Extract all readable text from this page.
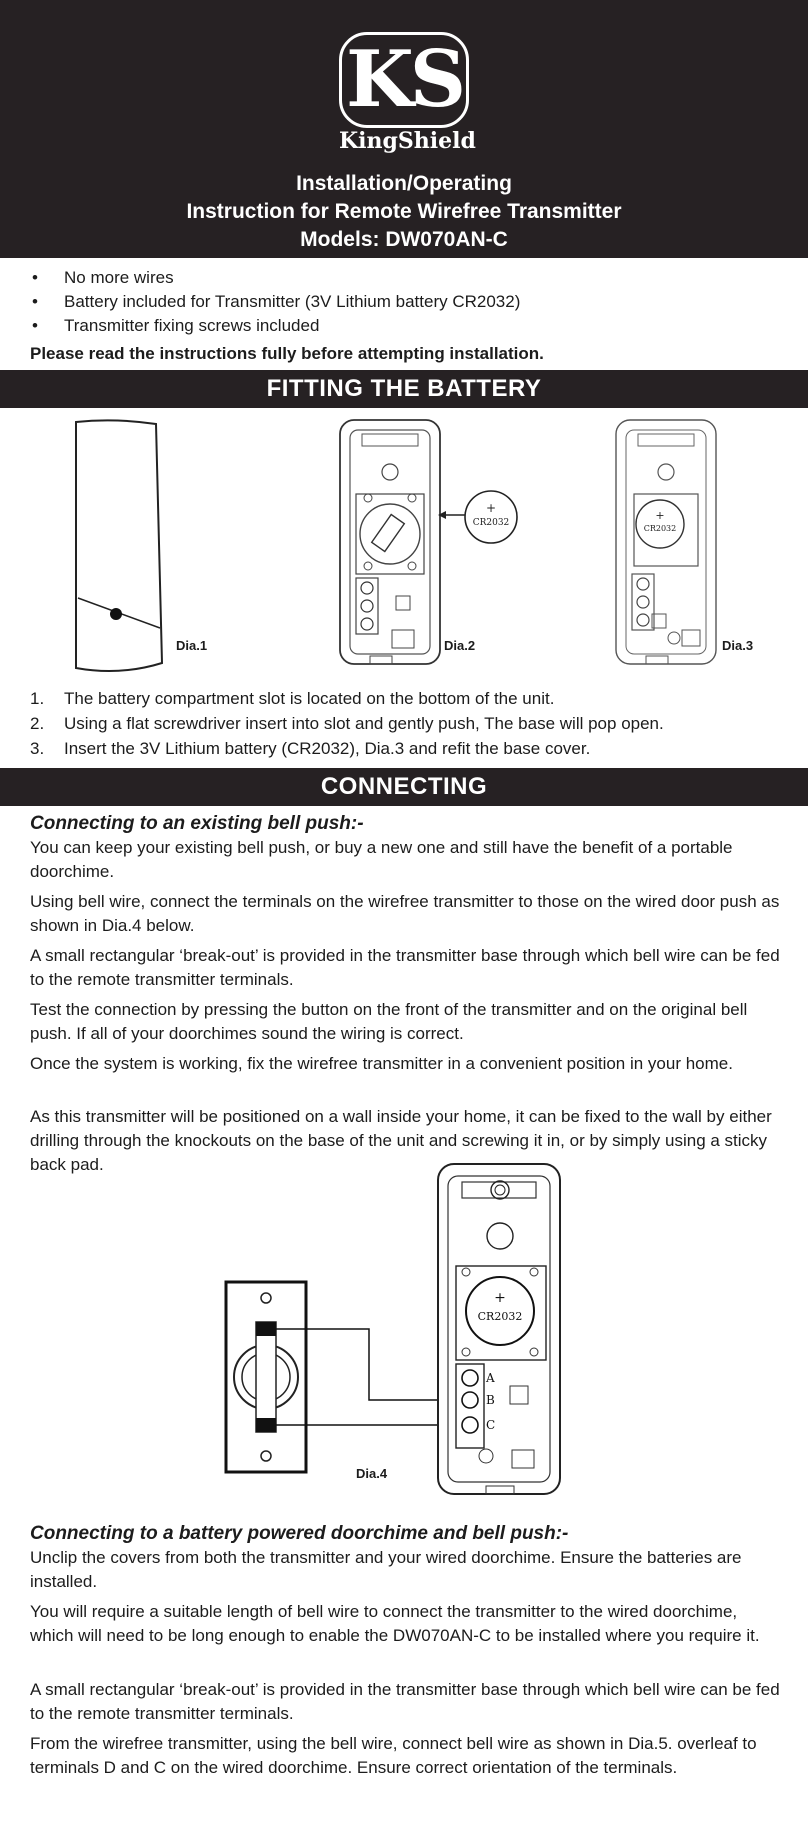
KS
KingShield
Installation/Operating
Instruction for Remote Wirefree Transmitter
Models: DW070AN-C
• No more wires
• Battery included for Transmitter (3V Lithium battery CR2032)
• Transmitter fixing screws included
Please read the instructions fully before attempting installation.
FITTING THE BATTERY
Dia.1
+
CR2032
Dia.2
+
CR2032
Dia.3
1. The battery compartment slot is located on the bottom of the unit.
2. Using a flat screwdriver insert into slot and gently push, The base will pop open.
3. Insert the 3V Lithium battery (CR2032), Dia.3 and refit the base cover.
CONNECTING
Connecting to an existing bell push:-
You can keep your existing bell push, or buy a new one and still have the benefit of a portable doorchime.
Using bell wire, connect the terminals on the wirefree transmitter to those on the wired door push as shown in Dia.4 below.
A small rectangular ‘break-out’ is provided in the transmitter base through which bell wire can be fed to the remote transmitter terminals.
Test the connection by pressing the button on the front of the transmitter and on the original bell push. If all of your doorchimes sound the wiring is correct.
Once the system is working, fix the wirefree transmitter in a convenient position in your home.
As this transmitter will be positioned on a wall inside your home, it can be fixed to the wall by either drilling through the knockouts on the base of the unit and screwing it in, or by simply using a sticky back pad.
+
CR2032
A
B
C
Dia.4
Connecting to a battery powered doorchime and bell push:-
Unclip the covers from both the transmitter and your wired doorchime. Ensure the batteries are installed.
You will require a suitable length of bell wire to connect the transmitter to the wired doorchime, which will need to be long enough to enable the DW070AN-C to be installed where you require it.
A small rectangular ‘break-out’ is provided in the transmitter base through which bell wire can be fed to the remote transmitter terminals.
From the wirefree transmitter, using the bell wire, connect bell wire as shown in Dia.5. overleaf to terminals D and C on the wired doorchime. Ensure correct orientation of the terminals.
